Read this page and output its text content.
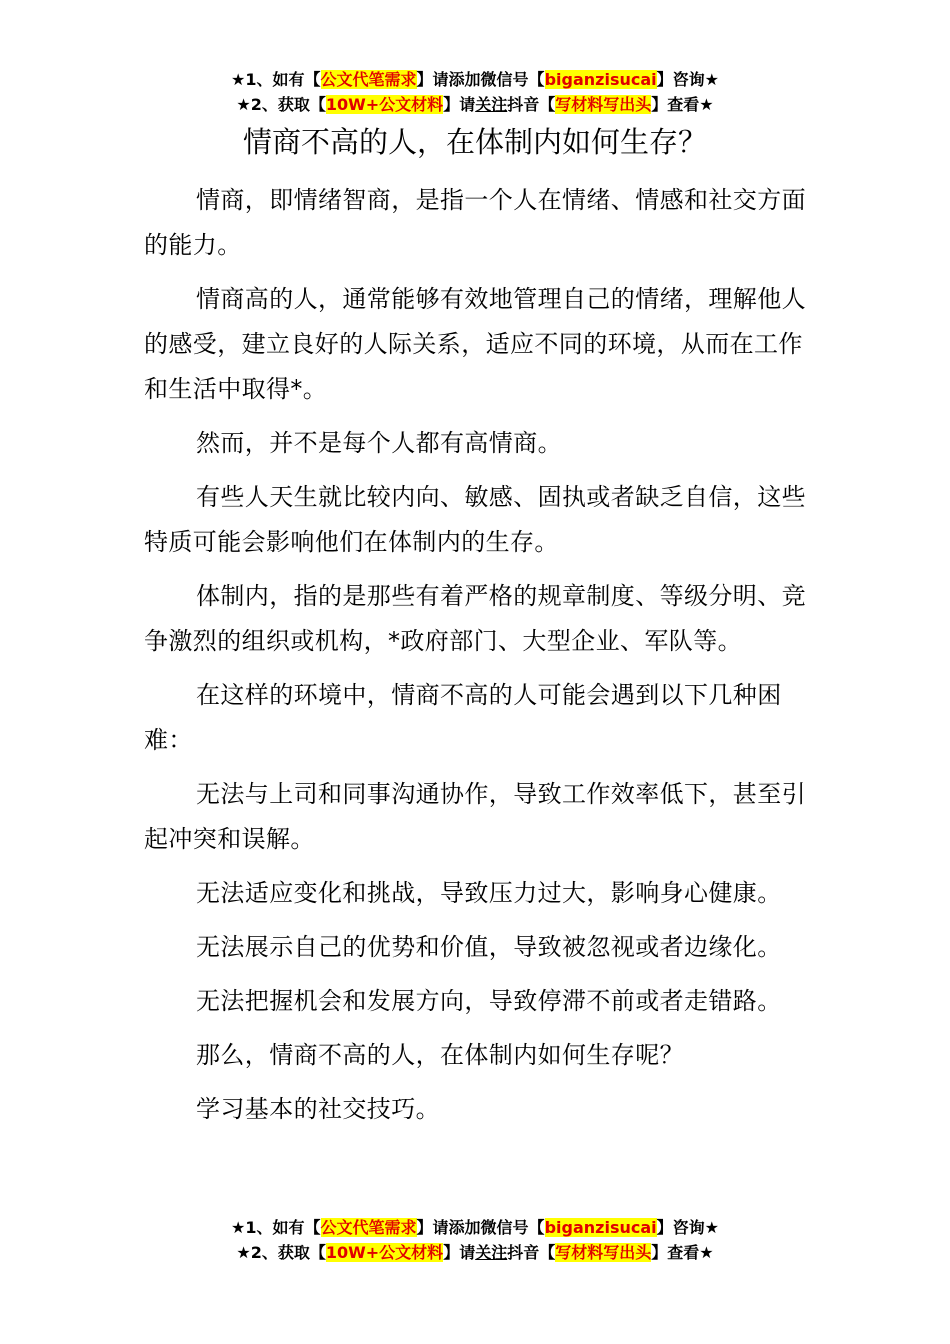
★1、如有【公文代笔需求】请添加微信号【biganzisucai】咨询★
★2、获取【10W+公文材料】请关注抖音【写材料写出头】查看★
情商不高的人，在体制内如何生存？

情商，即情绪智商，是指一个人在情绪、情感和社交方面的能力。

情商高的人，通常能够有效地管理自己的情绪，理解他人的感受，建立良好的人际关系，适应不同的环境，从而在工作和生活中取得*。

然而，并不是每个人都有高情商。

有些人天生就比较内向、敏感、固执或者缺乏自信，这些特质可能会影响他们在体制内的生存。

体制内，指的是那些有着严格的规章制度、等级分明、竞争激烈的组织或机构，*政府部门、大型企业、军队等。

在这样的环境中，情商不高的人可能会遇到以下几种困难：

无法与上司和同事沟通协作，导致工作效率低下，甚至引起冲突和误解。

无法适应变化和挑战，导致压力过大，影响身心健康。

无法展示自己的优势和价值，导致被忽视或者边缘化。

无法把握机会和发展方向，导致停滞不前或者走错路。

那么，情商不高的人，在体制内如何生存呢？

学习基本的社交技巧。

★1、如有【公文代笔需求】请添加微信号【biganzisucai】咨询★
★2、获取【10W+公文材料】请关注抖音【写材料写出头】查看★
